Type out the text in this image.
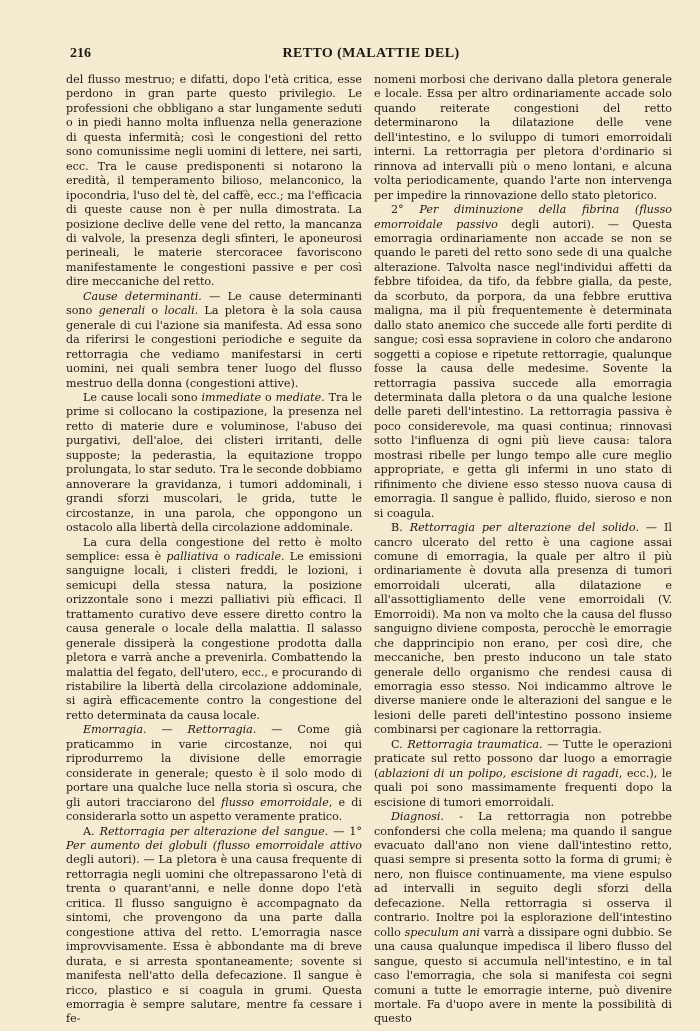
216	RETTO (MALATTIE DEL)

del flusso mestruo; e difatti, dopo l'età critica, esse perdono in gran parte questo privilegio. Le professioni che obbligano a star lungamente seduti o in piedi hanno molta influenza nella generazione di questa infermità; così le congestioni del retto sono comunissime negli uomini di lettere, nei sarti, ecc. Tra le cause predisponenti si notarono la eredità, il temperamento bilioso, melanconico, la ipocondria, l'uso del tè, del caffè, ecc.; ma l'efficacia di queste cause non è per nulla dimostrata. La posizione declive delle vene del retto, la mancanza di valvole, la presenza degli sfinteri, le aponeurosi perineali, le materie stercoracee favoriscono manifestamente le congestioni passive e per così dire meccaniche del retto.

Cause determinanti. — Le cause determinanti sono generali o locali. La pletora è la sola causa generale di cui l'azione sia manifesta. Ad essa sono da riferirsi le congestioni periodiche e seguite da rettorragia che vediamo manifestarsi in certi uomini, nei quali sembra tener luogo del flusso mestruo della donna (congestioni attive).

Le cause locali sono immediate o mediate. Tra le prime si collocano la costipazione, la presenza nel retto di materie dure e voluminose, l'abuso dei purgativi, dell'aloe, dei clisteri irritanti, delle supposte; la pederastia, la equitazione troppo prolungata, lo star seduto. Tra le seconde dobbiamo annoverare la gravidanza, i tumori addominali, i grandi sforzi muscolari, le grida, tutte le circostanze, in una parola, che oppongono un ostacolo alla libertà della circolazione addominale.

La cura della congestione del retto è molto semplice: essa è palliativa o radicale. Le emissioni sanguigne locali, i clisteri freddi, le lozioni, i semicupi della stessa natura, la posizione orizzontale sono i mezzi palliativi più efficaci. Il trattamento curativo deve essere diretto contro la causa generale o locale della malattia. Il salasso generale dissiperà la congestione prodotta dalla pletora e varrà anche a prevenirla. Combattendo la malattia del fegato, dell'utero, ecc., e procurando di ristabilire la libertà della circolazione addominale, si agirà efficacemente contro la congestione del retto determinata da causa locale.

Emorragia. — Rettorragia. — Come già praticammo in varie circostanze, noi qui riprodurremo la divisione delle emorragie considerate in generale; questo è il solo modo di portare una qualche luce nella storia sì oscura, che gli autori tracciarono del flusso emorroidale, e di considerarla sotto un aspetto veramente pratico.

A. Rettorragia per alterazione del sangue. — 1° Per aumento dei globuli (flusso emorroidale attivo degli autori). — La pletora è una causa frequente di rettorragia negli uomini che oltrepassarono l'età di trenta o quarant'anni, e nelle donne dopo l'età critica. Il flusso sanguigno è accompagnato da sintomi, che provengono da una parte dalla congestione attiva del retto. L'emorragia nasce improvvisamente. Essa è abbondante ma di breve durata, e si arresta spontaneamente; sovente si manifesta nell'atto della defecazione. Il sangue è ricco, plastico e si coagula in grumi. Questa emorragia è sempre salutare, mentre fa cessare i fe-

nomeni morbosi che derivano dalla pletora generale e locale. Essa per altro ordinariamente accade solo quando reiterate congestioni del retto determinarono la dilatazione delle vene dell'intestino, e lo sviluppo di tumori emorroidali interni. La rettorragia per pletora d'ordinario si rinnova ad intervalli più o meno lontani, e alcuna volta periodicamente, quando l'arte non intervenga per impedire la rinnovazione dello stato pletorico.

2° Per diminuzione della fibrina (flusso emorroidale passivo degli autori). — Questa emorragia ordinariamente non accade se non se quando le pareti del retto sono sede di una qualche alterazione. Talvolta nasce negl'individui affetti da febbre tifoidea, da tifo, da febbre gialla, da peste, da scorbuto, da porpora, da una febbre eruttiva maligna, ma il più frequentemente è determinata dallo stato anemico che succede alle forti perdite di sangue; così essa sopraviene in coloro che andarono soggetti a copiose e ripetute rettorragie, qualunque fosse la causa delle medesime. Sovente la rettorragia passiva succede alla emorragia determinata dalla pletora o da una qualche lesione delle pareti dell'intestino. La rettorragia passiva è poco considerevole, ma quasi continua; rinnovasi sotto l'influenza di ogni più lieve causa: talora mostrasi ribelle per lungo tempo alle cure meglio appropriate, e getta gli infermi in uno stato di rifinimento che diviene esso stesso nuova causa di emorragia. Il sangue è pallido, fluido, sieroso e non si coagula.

B. Rettorragia per alterazione del solido. — Il cancro ulcerato del retto è una cagione assai comune di emorragia, la quale per altro il più ordinariamente è dovuta alla presenza di tumori emorroidali ulcerati, alla dilatazione e all'assottigliamento delle vene emorroidali (V. Emorroidi). Ma non va molto che la causa del flusso sanguigno diviene composta, perocchè le emorragie che dapprincipio non erano, per così dire, che meccaniche, ben presto inducono un tale stato generale dello organismo che rendesi causa di emorragia esso stesso. Noi indicammo altrove le diverse maniere onde le alterazioni del sangue e le lesioni delle pareti dell'intestino possono insieme combinarsi per cagionare la rettorragia.

C. Rettorragia traumatica. — Tutte le operazioni praticate sul retto possono dar luogo a emorragie (ablazioni di un polipo, escisione di ragadi, ecc.), le quali poi sono massimamente frequenti dopo la escisione di tumori emorroidali.

Diagnosi. - La rettorragia non potrebbe confondersi che colla melena; ma quando il sangue evacuato dall'ano non viene dall'intestino retto, quasi sempre si presenta sotto la forma di grumi; è nero, non fluisce continuamente, ma viene espulso ad intervalli in seguito degli sforzi della defecazione. Nella rettorragia si osserva il contrario. Inoltre poi la esplorazione dell'intestino collo speculum ani varrà a dissipare ogni dubbio. Se una causa qualunque impedisca il libero flusso del sangue, questo si accumula nell'intestino, e in tal caso l'emorragia, che sola si manifesta coi segni comuni a tutte le emorragie interne, può divenire mortale. Fa d'uopo avere in mente la possibilità di questo
